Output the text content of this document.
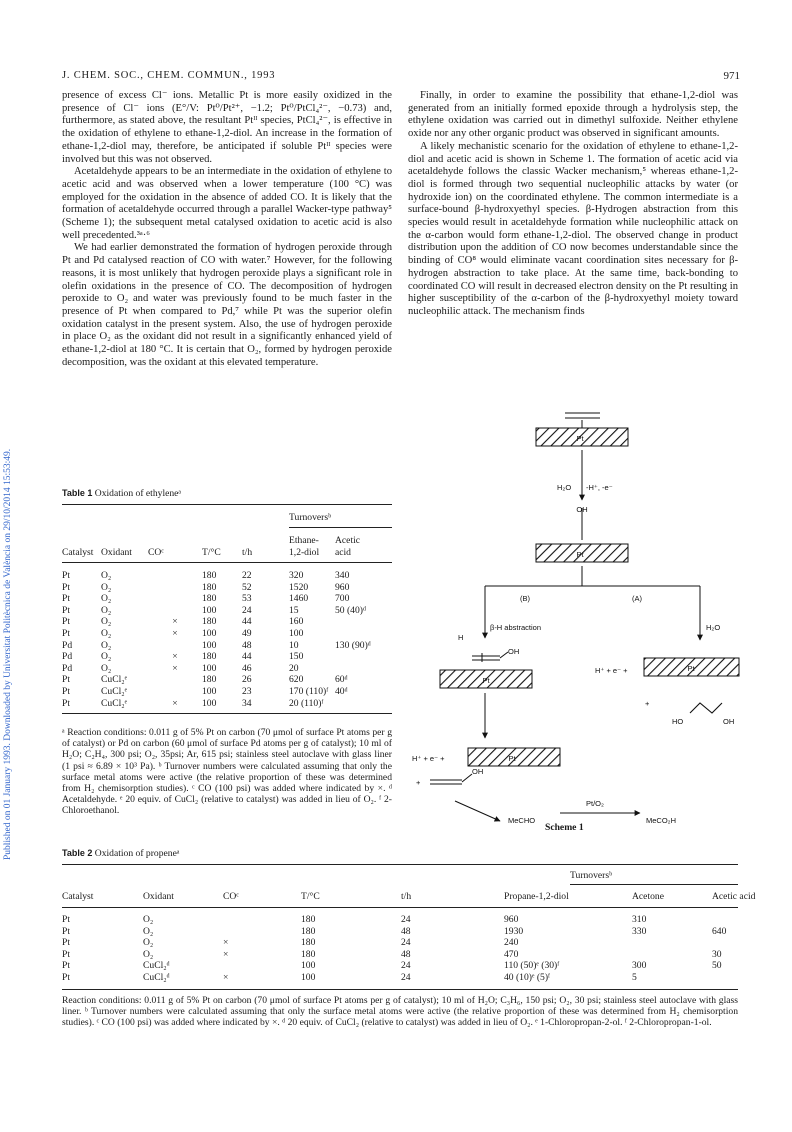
Published on 01 January 1993. Downloaded by Universitat Politècnica de València on 29/10/2014 15:53:49.
J. CHEM. SOC., CHEM. COMMUN., 1993	971

presence of excess Cl⁻ ions. Metallic Pt is more easily oxidized in the presence of Cl⁻ ions (E°/V: Pt⁰/Pt²⁺, −1.2; Pt⁰/PtCl₄²⁻, −0.73) and, furthermore, as stated above, the resultant Ptᴵᴵ species, PtCl₄²⁻, is effective in the oxidation of ethylene to ethane-1,2-diol. An increase in the formation of ethane-1,2-diol may, therefore, be anticipated if soluble Ptᴵᴵ species were involved but this was not observed.

Acetaldehyde appears to be an intermediate in the oxidation of ethylene to acetic acid and was observed when a lower temperature (100 °C) was employed for the oxidation in the absence of added CO. It is likely that the formation of acetaldehyde occurred through a parallel Wacker-type pathway⁵ (Scheme 1); the subsequent metal catalysed oxidation to acetic acid is also well precedented.³ᵃ·⁶

We had earlier demonstrated the formation of hydrogen peroxide through Pt and Pd catalysed reaction of CO with water.⁷ However, for the following reasons, it is most unlikely that hydrogen peroxide plays a significant role in olefin oxidations in the presence of CO. The decomposition of hydrogen peroxide to O₂ and water was previously found to be much faster in the presence of Pt when compared to Pd,⁷ while Pt was the superior olefin oxidation catalyst in the present system. Also, the use of hydrogen peroxide in place O₂ as the oxidant did not result in a significantly enhanced yield of ethane-1,2-diol at 180 °C. It is certain that O₂, formed by hydrogen peroxide decomposition, was the oxidant at this elevated temperature.

Finally, in order to examine the possibility that ethane-1,2-diol was generated from an initially formed epoxide through a hydrolysis step, the ethylene oxidation was carried out in dimethyl sulfoxide. Neither ethylene oxide nor any other organic product was observed in significant amounts.

A likely mechanistic scenario for the oxidation of ethylene to ethane-1,2-diol and acetic acid is shown in Scheme 1. The formation of acetic acid via acetaldehyde follows the classic Wacker mechanism,⁵ whereas ethane-1,2-diol is formed through two sequential nucleophilic attacks by water (or hydroxide ion) on the coordinated ethylene. The common intermediate is a surface-bound β-hydroxyethyl species. β-Hydrogen abstraction from this species would result in acetaldehyde formation while nucleophilic attack on the α-carbon would form ethane-1,2-diol. The observed change in product distribution upon the addition of CO now becomes understandable since the binding of CO⁸ would eliminate vacant coordination sites necessary for β-hydrogen abstraction to take place. At the same time, back-bonding to coordinated CO will result in decreased electron density on the Pt resulting in higher susceptibility of the α-carbon of the β-hydroxyethyl moiety toward nucleophilic attack. The mechanism finds

Table 1 Oxidation of ethyleneᵃ
Turnoversᵇ
Ethane- Acetic
1,2-diol acid
Catalyst Oxidant COᶜ	T/°C t/h
Pt	O₂		180	22	320	340
Pt	O₂		180	52	1520	960
Pt	O₂		180	53	1460	700
Pt	O₂		100	24	15	50 (40)ᵈ
Pt	O₂	×	180	44	160	
Pt	O₂	×	100	49	100	
Pd	O₂		100	48	10	130 (90)ᵈ
Pd	O₂	×	180	44	150	
Pd	O₂	×	100	46	20	
Pt	CuCl₂ᵉ		180	26	620	60ᵈ
Pt	CuCl₂ᵉ		100	23	170 (110)ᶠ	40ᵈ
Pt	CuCl₂ᵉ	×	100	34	20 (110)ᶠ	
ᵃ Reaction conditions: 0.011 g of 5% Pt on carbon (70 μmol of surface Pt atoms per g of catalyst) or Pd on carbon (60 μmol of surface Pd atoms per g of catalyst); 10 ml of H₂O; C₂H₄, 300 psi; O₂, 35psi; Ar, 615 psi; stainless steel autoclave with glass liner (1 psi ≈ 6.89 × 10³ Pa). ᵇ Turnover numbers were calculated assuming that only the surface metal atoms were active (the relative proportion of these was determined from H₂ chemisorption studies). ᶜ CO (100 psi) was added where indicated by ×. ᵈ Acetaldehyde. ᵉ 20 equiv. of CuCl₂ (relative to catalyst) was added in lieu of O₂. ᶠ 2-Chloroethanol.
Pt
H₂O -H⁺, -e⁻
OH
Pt
(B)	(A)
β-H abstraction	H₂O
H
OH
H⁺ + e⁻ +
Pt
Pt
+
HO	OH
H⁺ + e⁻ +	Pt
+
OH
MeCHO
Pt/O₂
MeCO₂H
Scheme 1
Table 2 Oxidation of propeneᵃ
Turnoversᵇ
Catalyst	Oxidant	COᶜ	T/°C	t/h	Propane-1,2-diol	Acetone	Acetic acid
Pt	O₂		180	24	960	310	
Pt	O₂		180	48	1930	330	640
Pt	O₂	×	180	24	240		
Pt	O₂	×	180	48	470		30
Pt	CuCl₂ᵈ		100	24	110 (50)ᵉ (30)ᶠ	300	50
Pt	CuCl₂ᵈ	×	100	24	40 (10)ᵉ (5)ᶠ	5	
Reaction conditions: 0.011 g of 5% Pt on carbon (70 μmol of surface Pt atoms per g of catalyst); 10 ml of H₂O; C₃H₆, 150 psi; O₂, 30 psi; stainless steel autoclave with glass liner. ᵇ Turnover numbers were calculated assuming that only the surface metal atoms were active (the relative proportion of these was determined from H₂ chemisorption studies). ᶜ CO (100 psi) was added where indicated by ×. ᵈ 20 equiv. of CuCl₂ (relative to catalyst) was added in lieu of O₂. ᵉ 1-Chloropropan-2-ol. ᶠ 2-Chloropropan-1-ol.
